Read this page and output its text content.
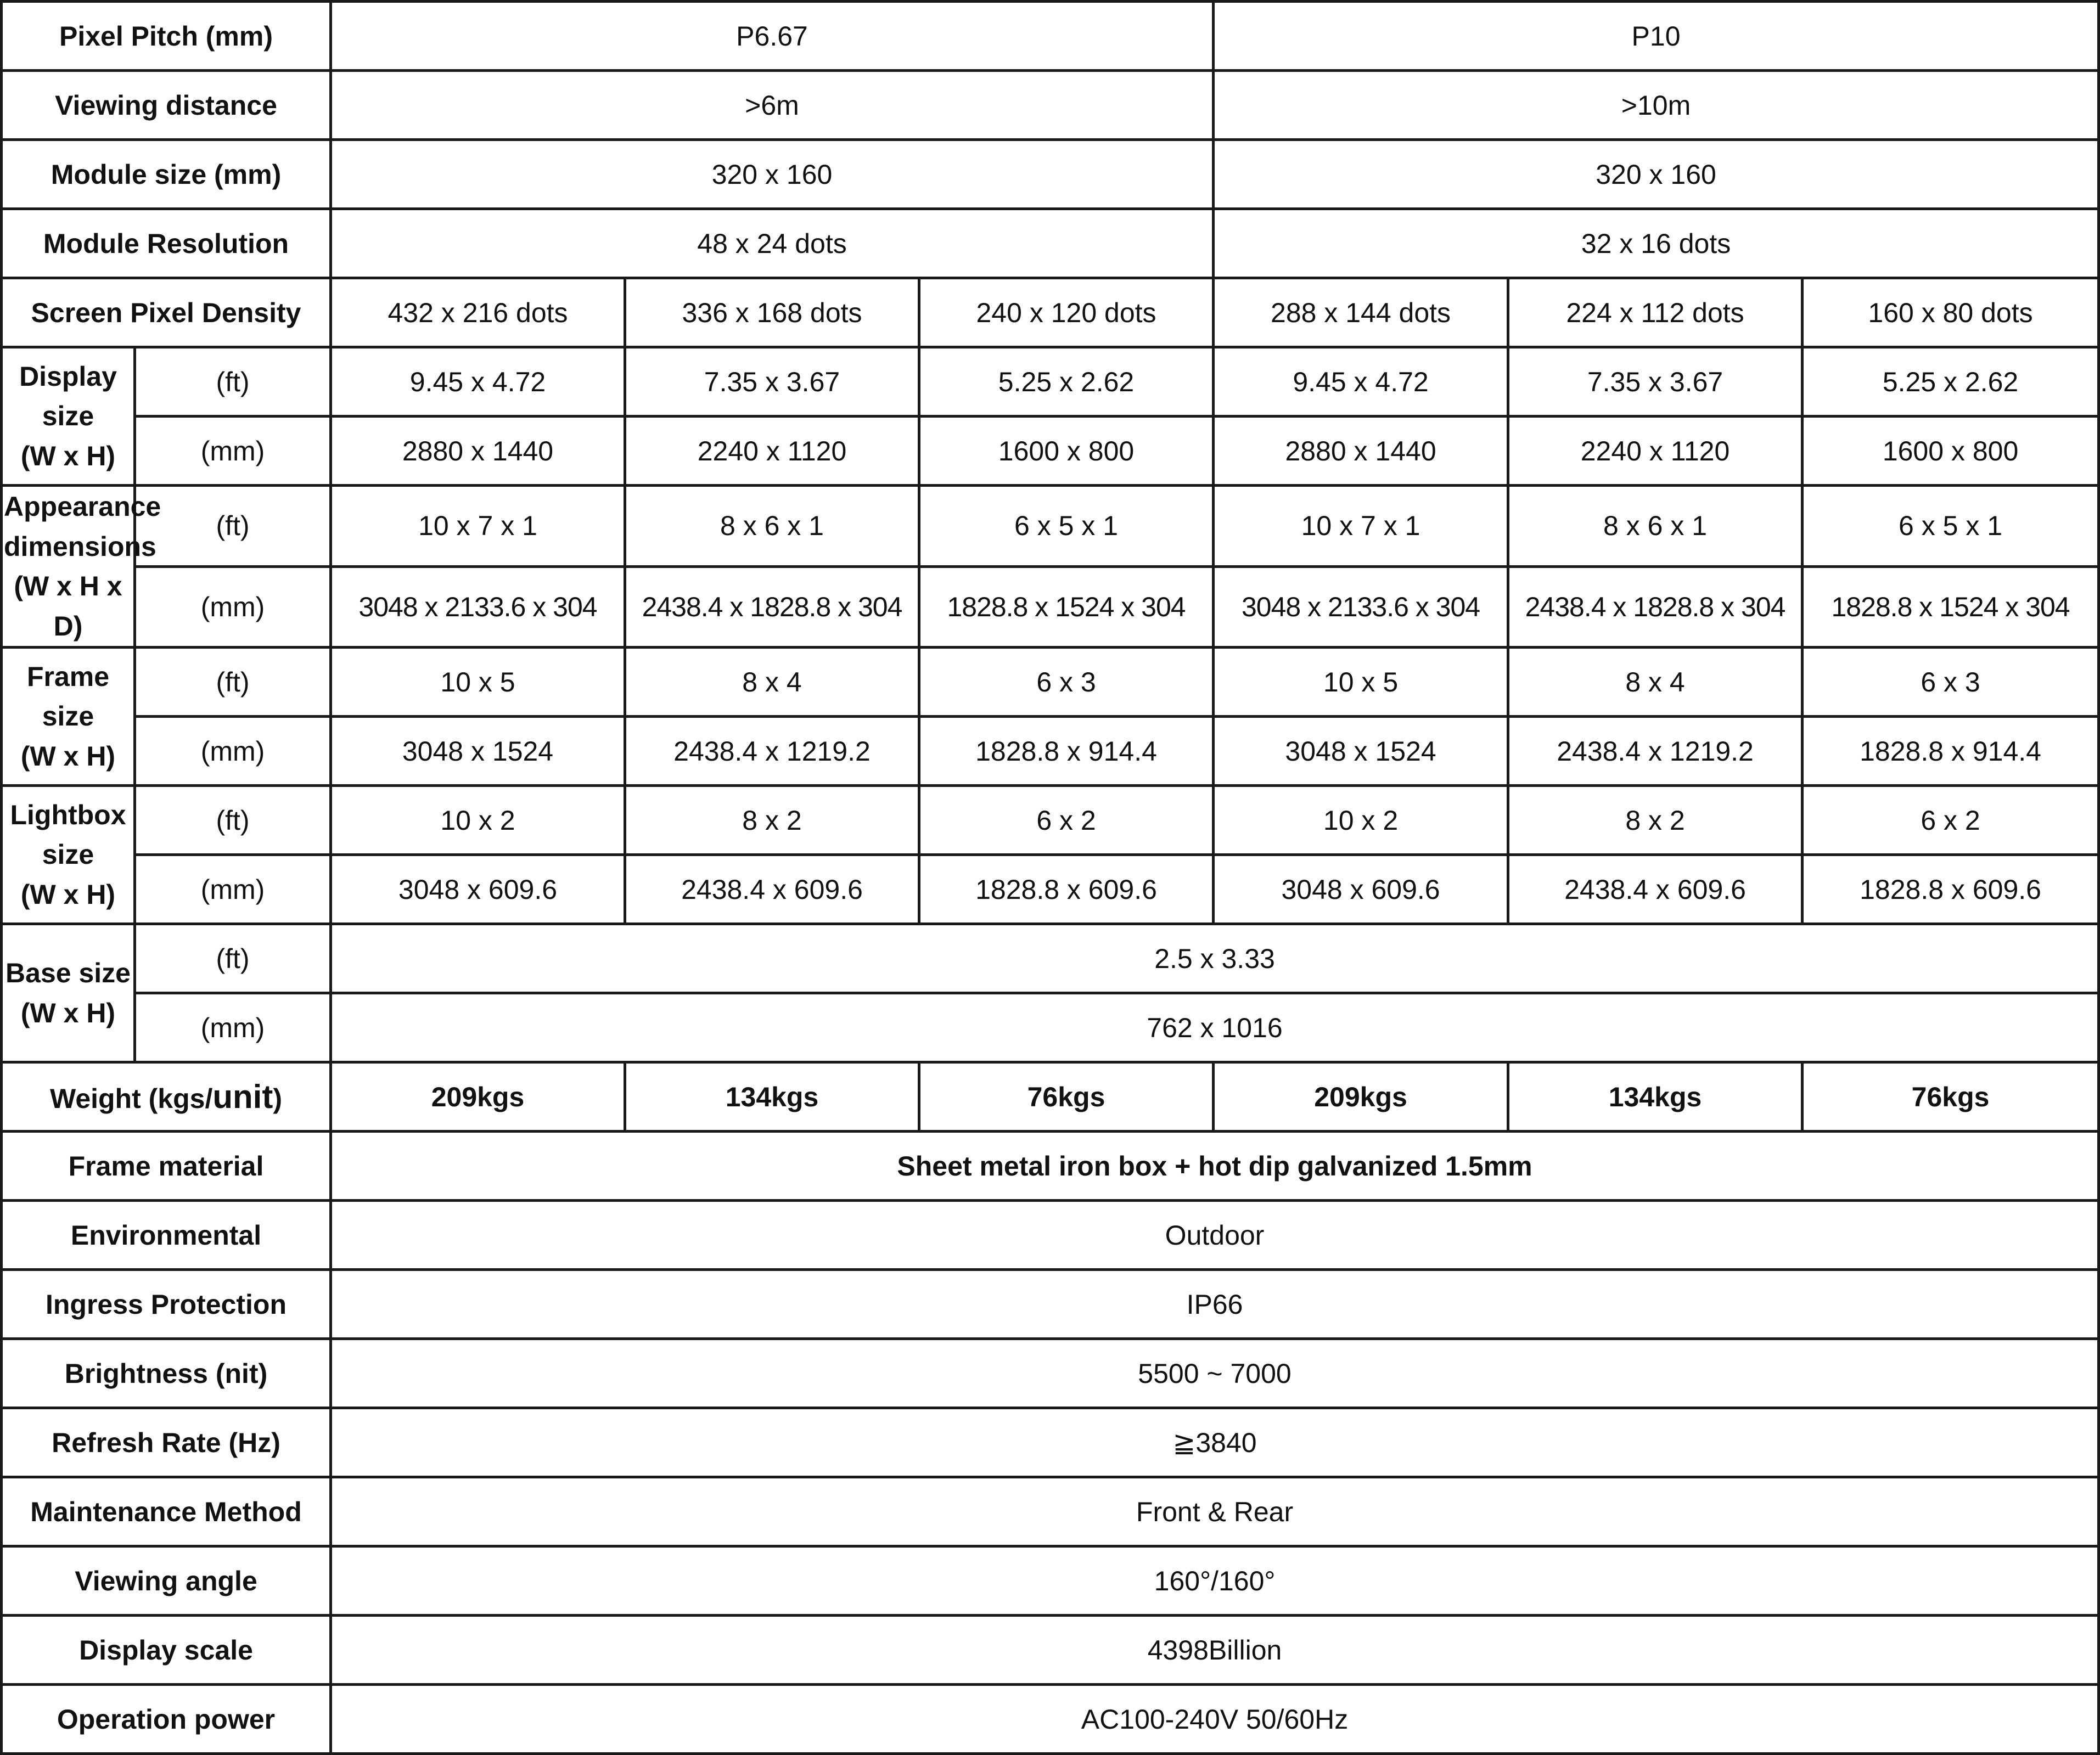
Pixel Pitch (mm)		P6.67			P10		
Viewing distance		>6m			>10m		
Module size (mm)		320 x 160			320 x 160		
Module Resolution		48 x 24 dots			32 x 16 dots		
Screen Pixel Density		432 x 216 dots	336 x 168 dots	240 x 120 dots	288 x 144 dots	224 x 112 dots	160 x 80 dots
Display size
(W x H)	(ft)	9.45 x 4.72	7.35 x 3.67	5.25 x 2.62	9.45 x 4.72	7.35 x 3.67	5.25 x 2.62
	(mm)	2880 x 1440	2240 x 1120	1600 x 800	2880 x 1440	2240 x 1120	1600 x 800
Appearance
dimensions
(W x H x D)	(ft)	10 x 7 x 1	8 x 6 x 1	6 x 5 x 1	10 x 7 x 1	8 x 6 x 1	6 x 5 x 1
	(mm)	3048 x 2133.6 x 304	2438.4 x 1828.8 x 304	1828.8 x 1524 x 304	3048 x 2133.6 x 304	2438.4 x 1828.8 x 304	1828.8 x 1524 x 304
Frame size
(W x H)	(ft)	10 x 5	8 x 4	6 x 3	10 x 5	8 x 4	6 x 3
	(mm)	3048 x 1524	2438.4 x 1219.2	1828.8 x 914.4	3048 x 1524	2438.4 x 1219.2	1828.8 x 914.4
Lightbox size
(W x H)	(ft)	10 x 2	8 x 2	6 x 2	10 x 2	8 x 2	6 x 2
	(mm)	3048 x 609.6	2438.4 x 609.6	1828.8 x 609.6	3048 x 609.6	2438.4 x 609.6	1828.8 x 609.6
Base size
(W x H)	(ft)	2.5 x 3.33					
	(mm)	762 x 1016					
Weight (kgs/unit)		209kgs	134kgs	76kgs	209kgs	134kgs	76kgs
Frame material		Sheet metal iron box + hot dip galvanized 1.5mm					
Environmental		Outdoor					
Ingress Protection		IP66					
Brightness (nit)		5500 ~ 7000					
Refresh Rate (Hz)		≧3840					
Maintenance Method		Front & Rear					
Viewing angle		160°/160°					
Display scale		4398Billion					
Operation power		AC100-240V 50/60Hz					
